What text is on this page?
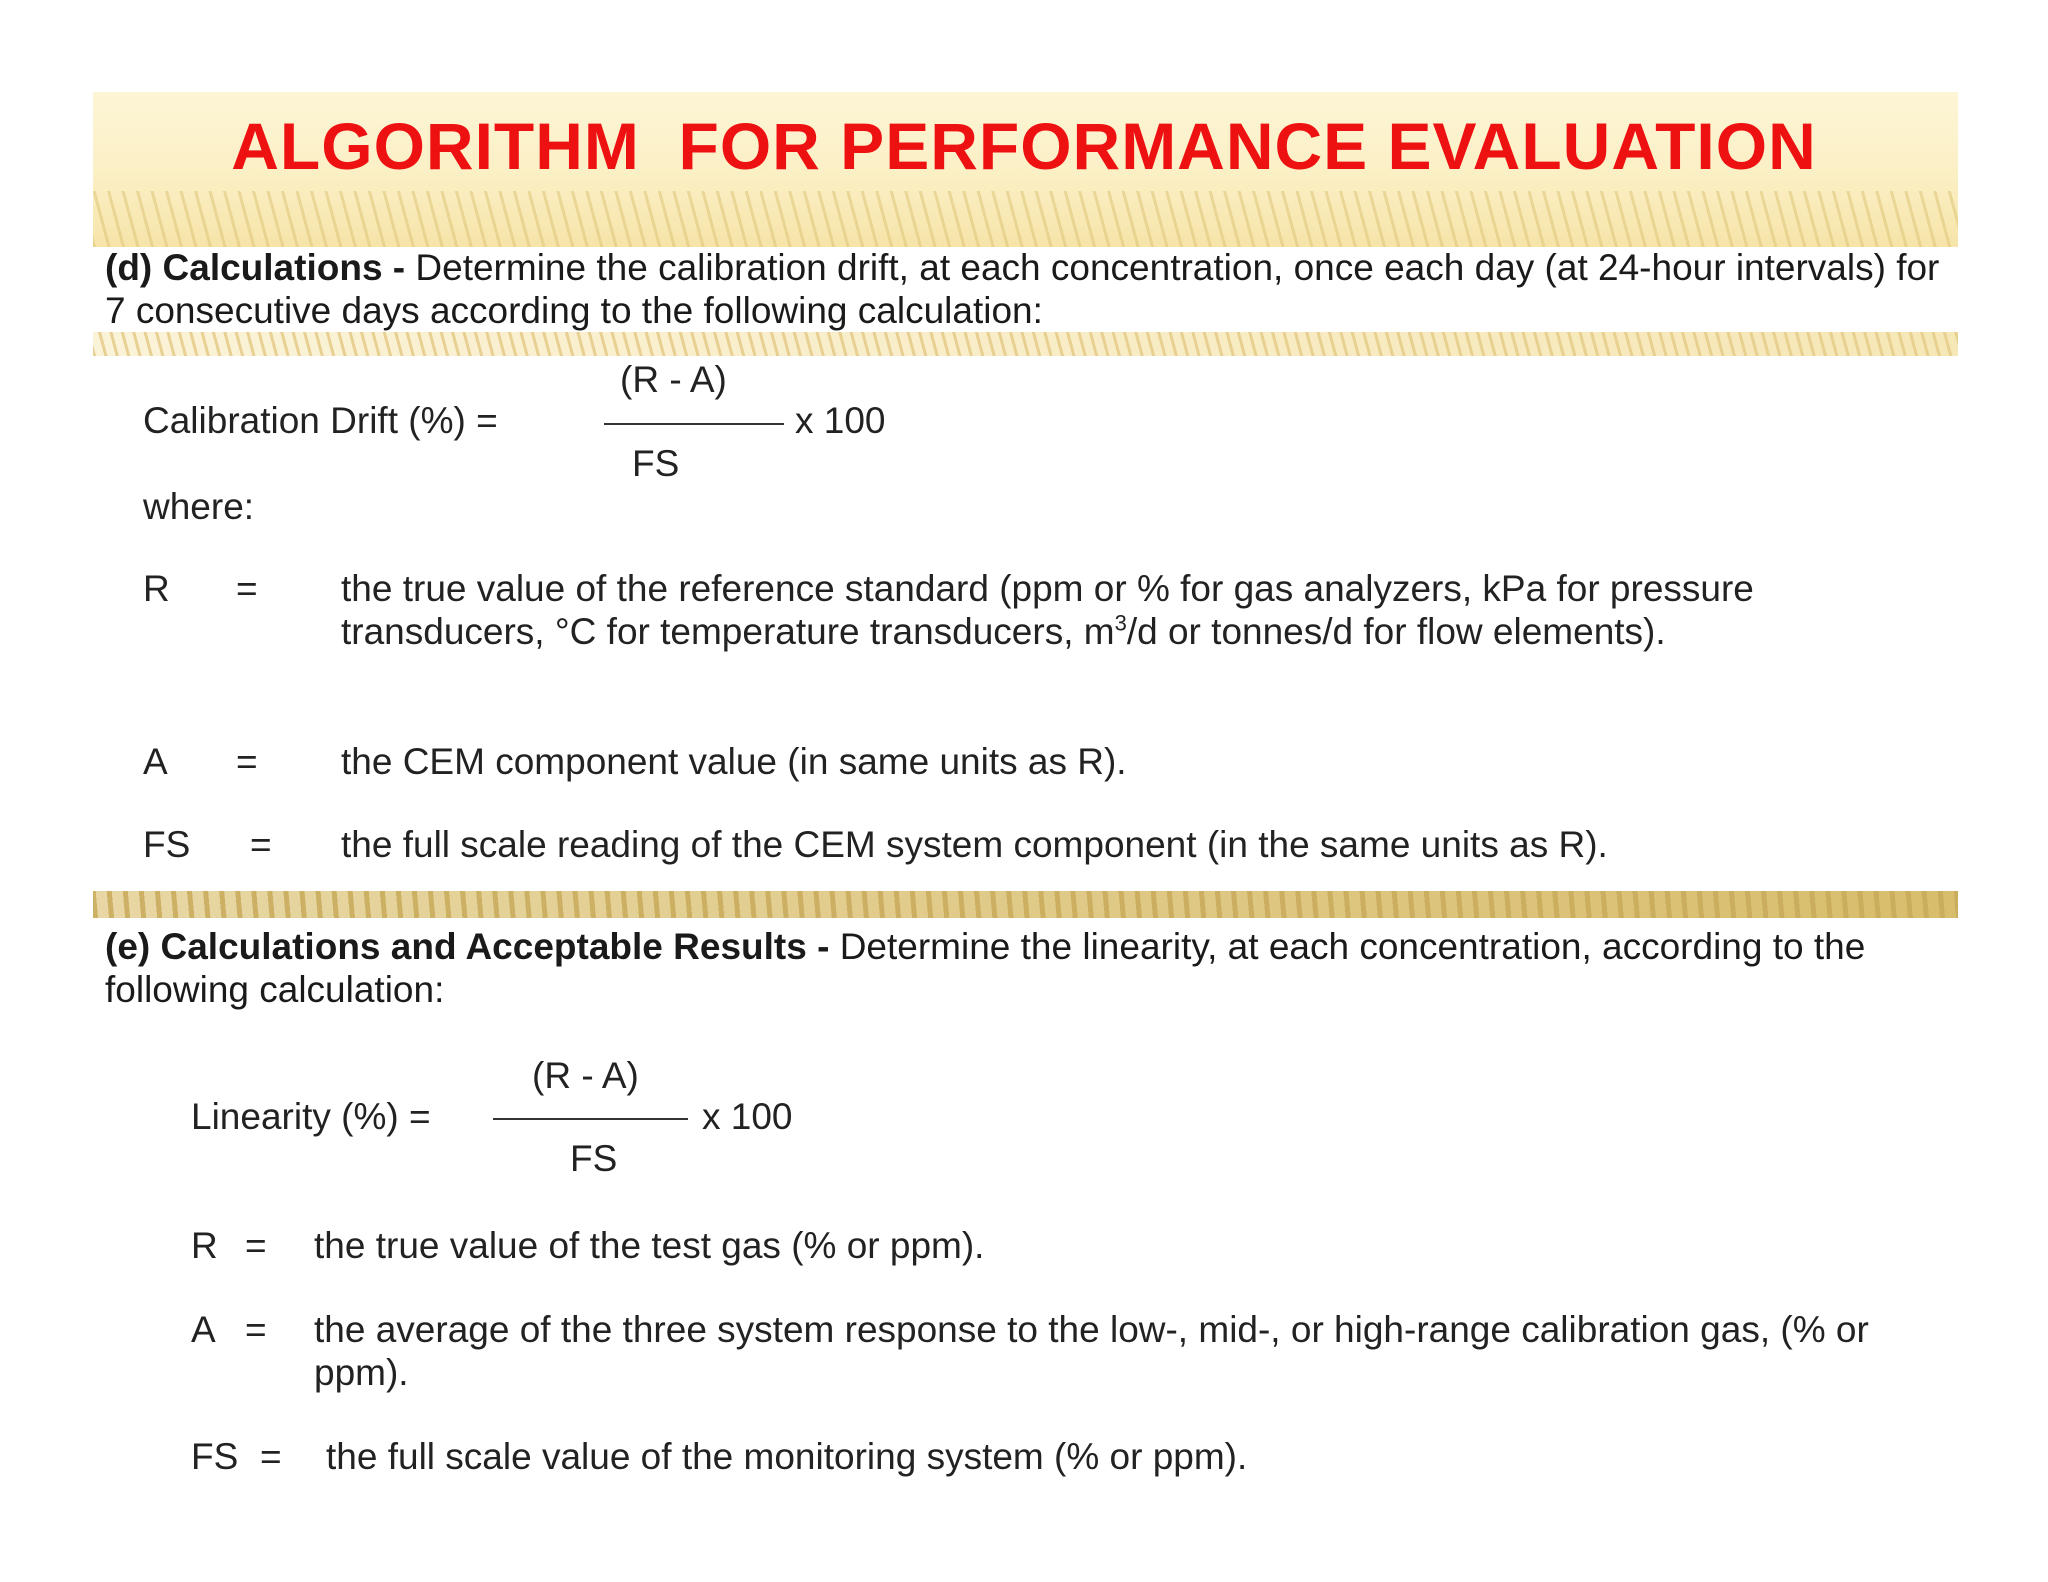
ALGORITHM  FOR PERFORMANCE EVALUATION

(d) Calculations - Determine the calibration drift, at each concentration, once each day (at 24-hour intervals) for 7 consecutive days according to the following calculation:

Calibration Drift (%) =
(R - A)
FS
x 100
where:
R = the true value of the reference standard (ppm or % for gas analyzers, kPa for pressure transducers, °C for temperature transducers, $m^3/d$ or tonnes/d for flow elements).
A = the CEM component value (in same units as R).
FS = the full scale reading of the CEM system component (in the same units as R).

(e) Calculations and Acceptable Results - Determine the linearity, at each concentration, according to the following calculation:

Linearity (%) =
(R - A)
FS
x 100
R = the true value of the test gas (% or ppm).
A = the average of the three system response to the low-, mid-, or high-range calibration gas, (% or ppm).
FS = the full scale value of the monitoring system (% or ppm).
